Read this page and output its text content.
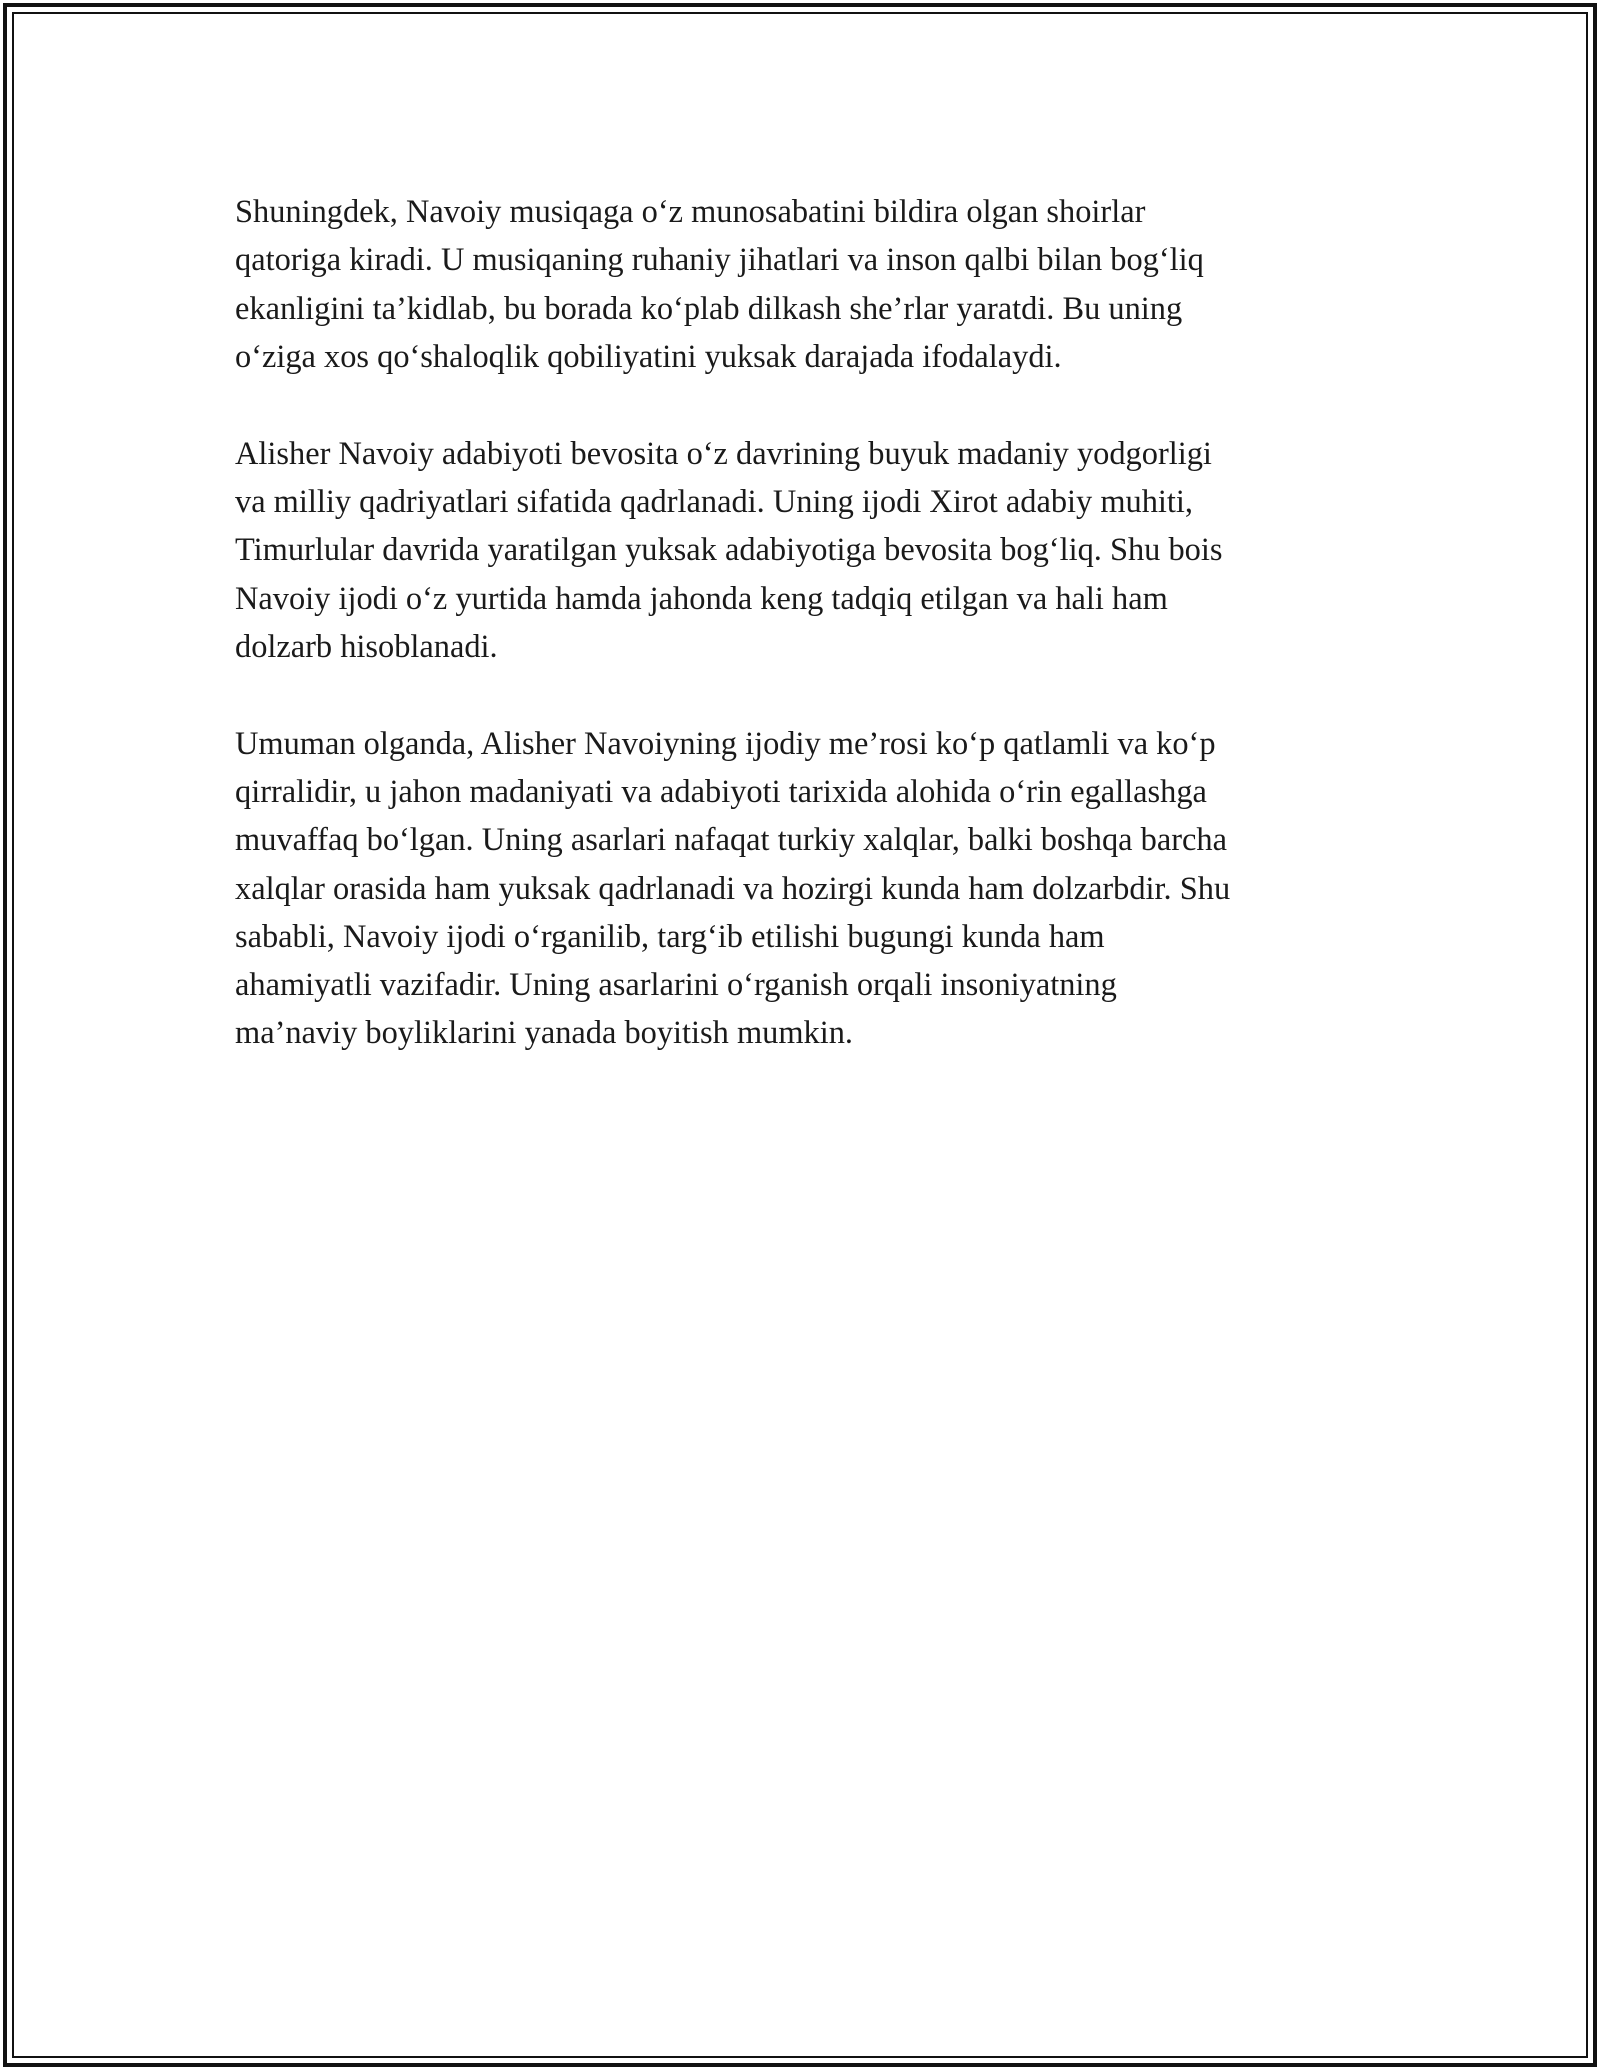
Shuningdek, Navoiy musiqaga o‘z munosabatini bildira olgan shoirlar
qatoriga kiradi. U musiqaning ruhaniy jihatlari va inson qalbi bilan bog‘liq
ekanligini ta’kidlab, bu borada ko‘plab dilkash she’rlar yaratdi. Bu uning
o‘ziga xos qo‘shaloqlik qobiliyatini yuksak darajada ifodalaydi.

Alisher Navoiy adabiyoti bevosita o‘z davrining buyuk madaniy yodgorligi
va milliy qadriyatlari sifatida qadrlanadi. Uning ijodi Xirot adabiy muhiti,
Timurlular davrida yaratilgan yuksak adabiyotiga bevosita bog‘liq. Shu bois
Navoiy ijodi o‘z yurtida hamda jahonda keng tadqiq etilgan va hali ham
dolzarb hisoblanadi.

Umuman olganda, Alisher Navoiyning ijodiy me’rosi ko‘p qatlamli va ko‘p
qirralidir, u jahon madaniyati va adabiyoti tarixida alohida o‘rin egallashga
muvaffaq bo‘lgan. Uning asarlari nafaqat turkiy xalqlar, balki boshqa barcha
xalqlar orasida ham yuksak qadrlanadi va hozirgi kunda ham dolzarbdir. Shu
sababli, Navoiy ijodi o‘rganilib, targ‘ib etilishi bugungi kunda ham
ahamiyatli vazifadir. Uning asarlarini o‘rganish orqali insoniyatning
ma’naviy boyliklarini yanada boyitish mumkin.
